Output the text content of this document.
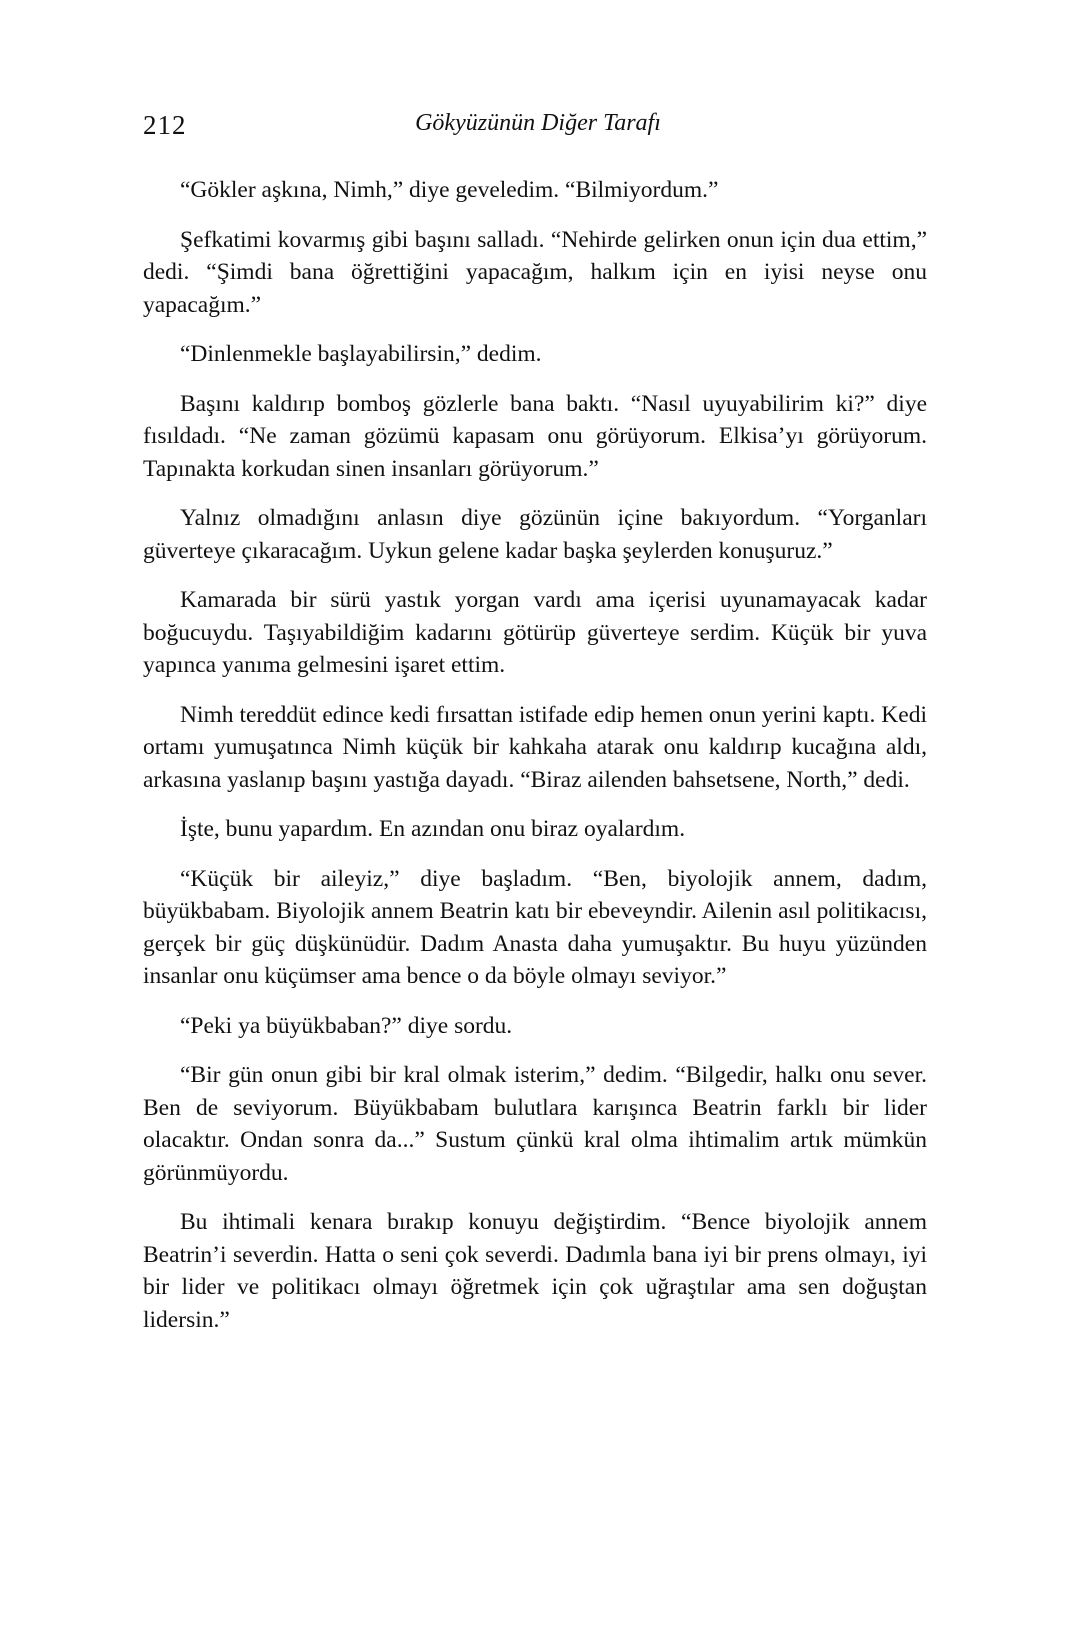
212	Gökyüzünün Diğer Tarafı

“Gökler aşkına, Nimh,” diye geveledim. “Bilmiyordum.”

Şefkatimi kovarmış gibi başını salladı. “Nehirde gelirken onun için dua ettim,” dedi. “Şimdi bana öğrettiğini yapacağım, halkım için en iyisi neyse onu yapacağım.”

“Dinlenmekle başlayabilirsin,” dedim.

Başını kaldırıp bomboş gözlerle bana baktı. “Nasıl uyuyabilirim ki?” diye fısıldadı. “Ne zaman gözümü kapasam onu görüyorum. Elkisa’yı görüyorum. Tapınakta korkudan sinen insanları görüyorum.”

Yalnız olmadığını anlasın diye gözünün içine bakıyordum. “Yorganları güverteye çıkaracağım. Uykun gelene kadar başka şeylerden konuşuruz.”

Kamarada bir sürü yastık yorgan vardı ama içerisi uyunamayacak kadar boğucuydu. Taşıyabildiğim kadarını götürüp güverteye serdim. Küçük bir yuva yapınca yanıma gelmesini işaret ettim.

Nimh tereddüt edince kedi fırsattan istifade edip hemen onun yerini kaptı. Kedi ortamı yumuşatınca Nimh küçük bir kahkaha atarak onu kaldırıp kucağına aldı, arkasına yaslanıp başını yastığa dayadı. “Biraz ailenden bahsetsene, North,” dedi.

İşte, bunu yapardım. En azından onu biraz oyalardım.

“Küçük bir aileyiz,” diye başladım. “Ben, biyolojik annem, dadım, büyükbabam. Biyolojik annem Beatrin katı bir ebeveyndir. Ailenin asıl politikacısı, gerçek bir güç düşkünüdür. Dadım Anasta daha yumuşaktır. Bu huyu yüzünden insanlar onu küçümser ama bence o da böyle olmayı seviyor.”

“Peki ya büyükbaban?” diye sordu.

“Bir gün onun gibi bir kral olmak isterim,” dedim. “Bilgedir, halkı onu sever. Ben de seviyorum. Büyükbabam bulutlara karışınca Beatrin farklı bir lider olacaktır. Ondan sonra da...” Sustum çünkü kral olma ihtimalim artık mümkün görünmüyordu.

Bu ihtimali kenara bırakıp konuyu değiştirdim. “Bence biyolojik annem Beatrin’i severdin. Hatta o seni çok severdi. Dadımla bana iyi bir prens olmayı, iyi bir lider ve politikacı olmayı öğretmek için çok uğraştılar ama sen doğuştan lidersin.”
